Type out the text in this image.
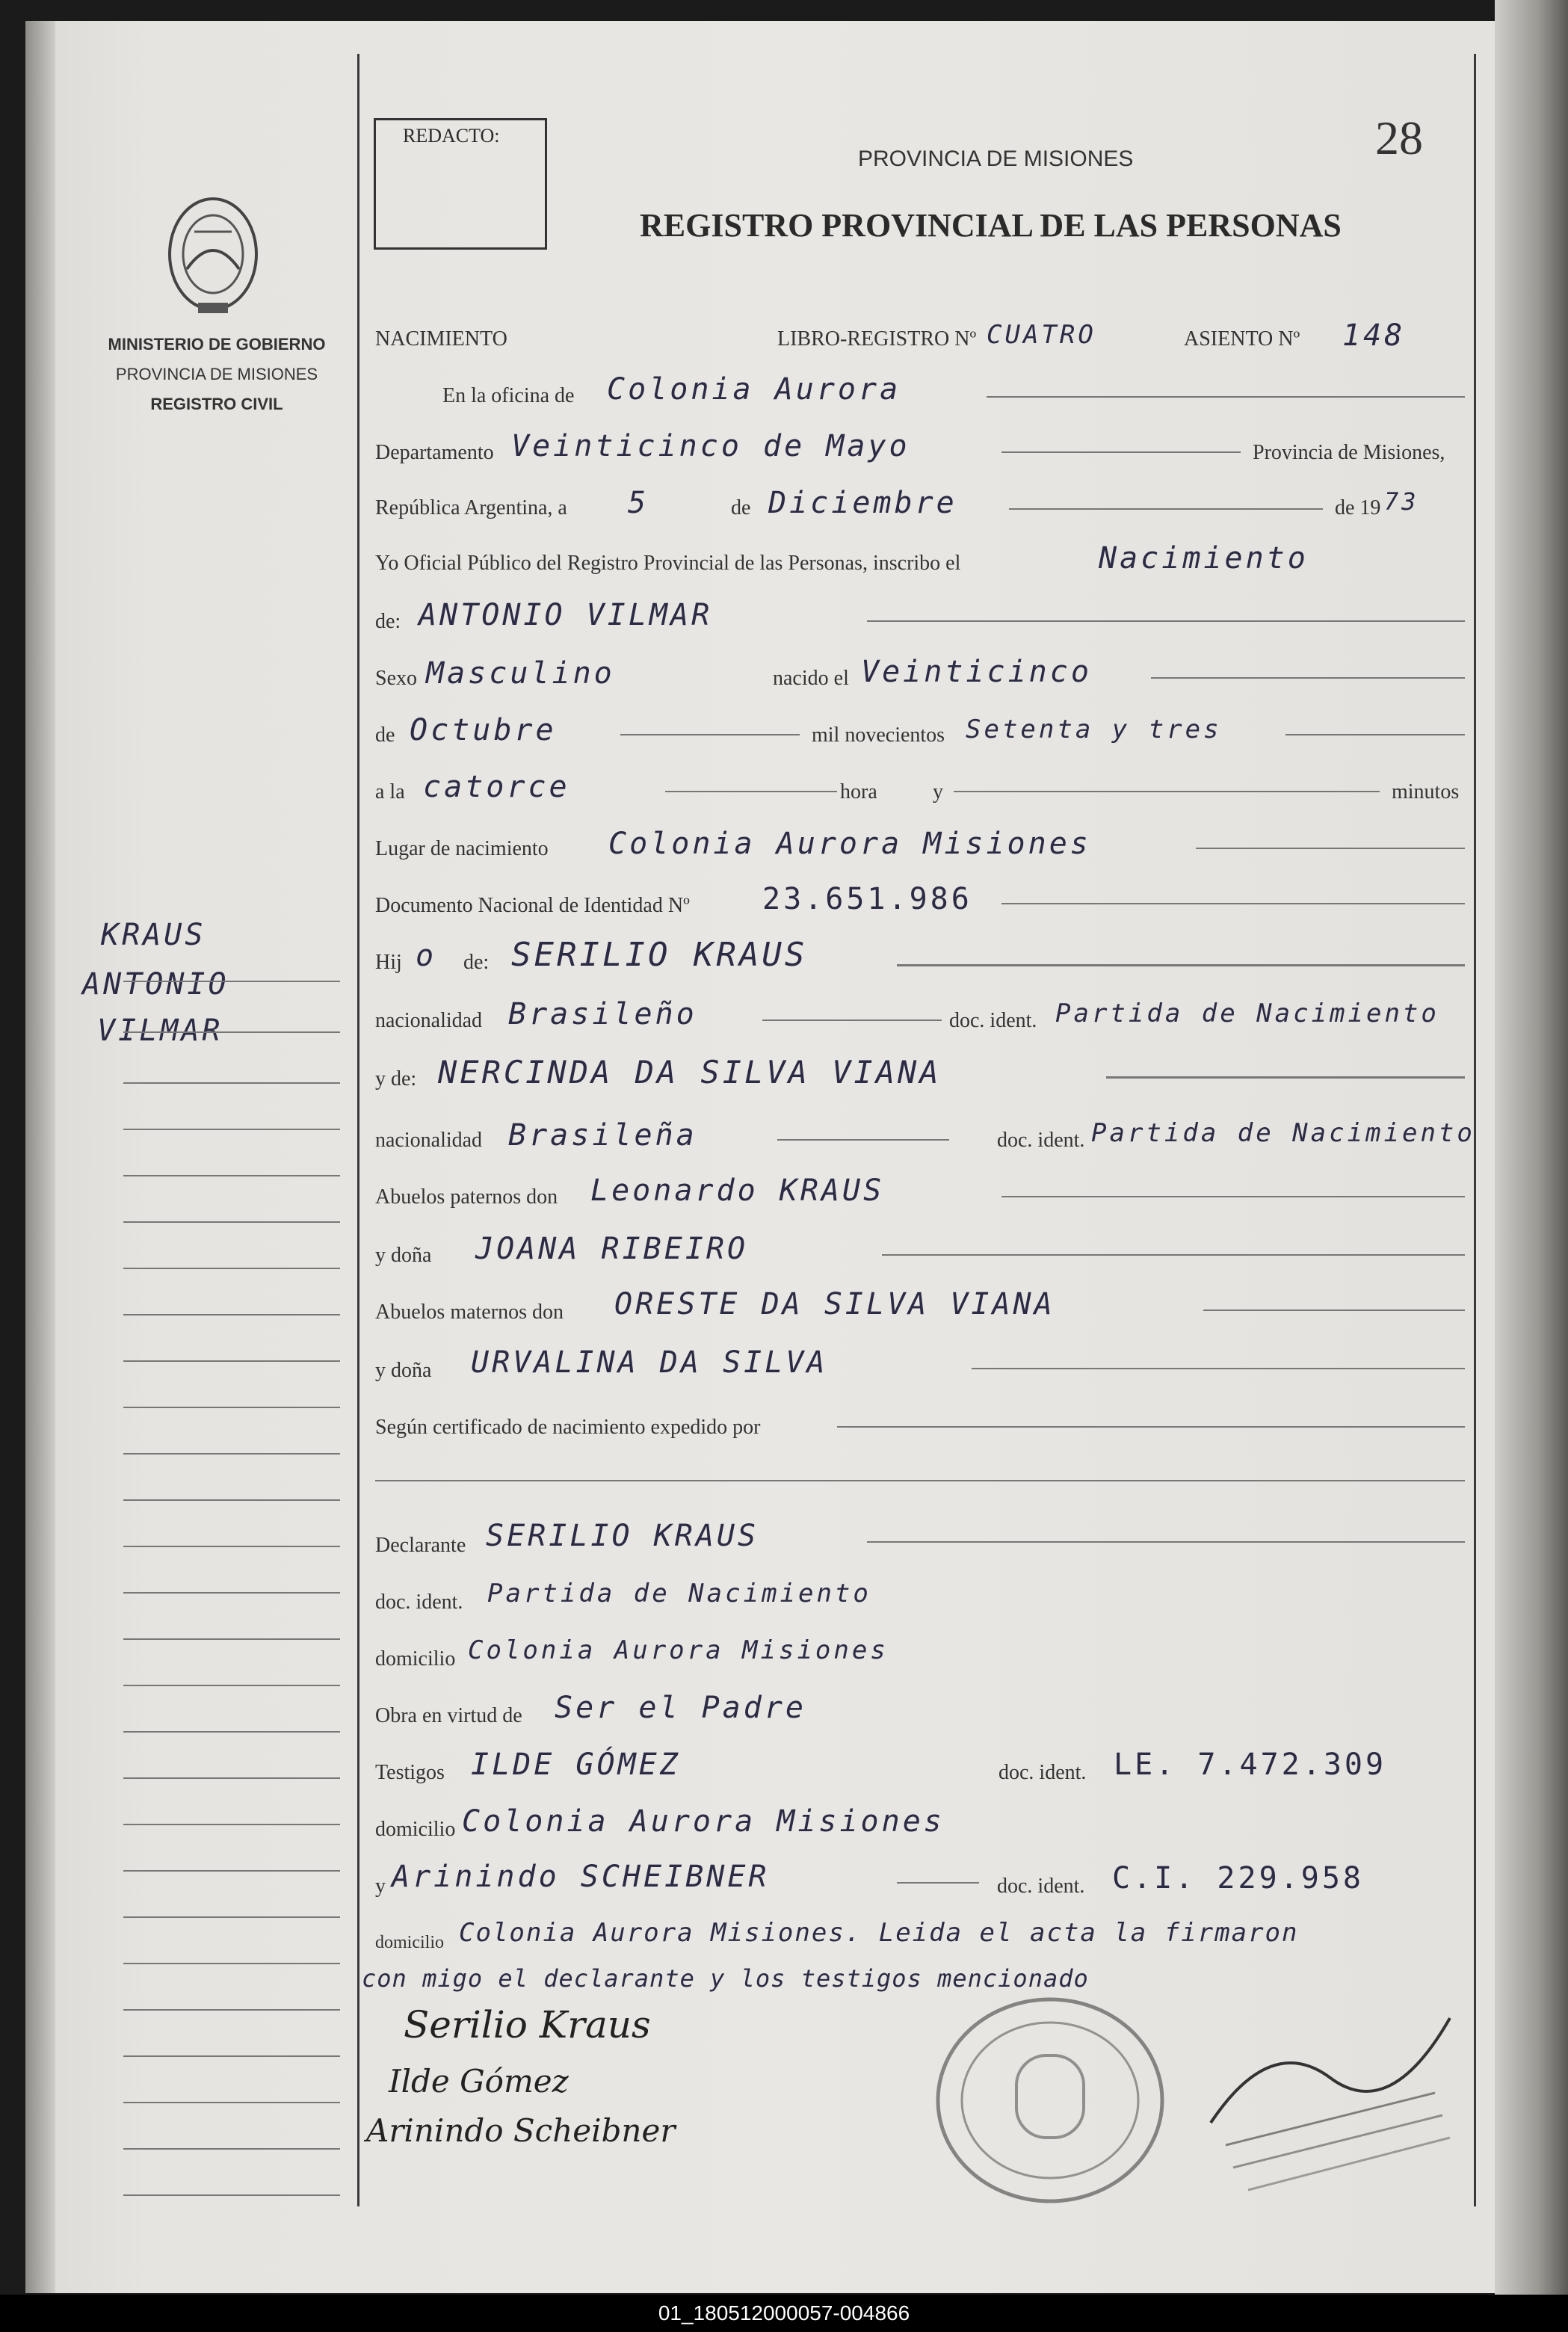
MINISTERIO DE GOBIERNO
PROVINCIA DE MISIONES
REGISTRO CIVIL
KRAUS
ANTONIO
VILMAR
REDACTO:	28
PROVINCIA DE MISIONES
REGISTRO PROVINCIAL DE LAS PERSONAS
NACIMIENTO	LIBRO-REGISTRO Nº CUATRO	ASIENTO Nº 148
En la oficina de Colonia Aurora
Departamento Veinticinco de Mayo	Provincia de Misiones,
República Argentina, a 5	de Diciembre	de 19 73
Yo Oficial Público del Registro Provincial de las Personas, inscribo el	Nacimiento
de: ANTONIO VILMAR
Sexo Masculino	nacido el Veinticinco
de Octubre	mil novecientos Setenta y tres
a la catorce	hora	y	minutos
Lugar de nacimiento Colonia Aurora Misiones
Documento Nacional de Identidad Nº 23.651.986
Hij o de: SERILIO KRAUS
nacionalidad Brasileño	doc. ident. Partida de Nacimiento
y de: NERCINDA DA SILVA VIANA
nacionalidad Brasileña	doc. ident. Partida de Nacimiento
Abuelos paternos don Leonardo KRAUS
y doña JOANA RIBEIRO
Abuelos maternos don ORESTE DA SILVA VIANA
y doña URVALINA DA SILVA
Según certificado de nacimiento expedido por
Declarante SERILIO KRAUS
doc. ident. Partida de Nacimiento
domicilio Colonia Aurora Misiones
Obra en virtud de Ser el Padre
Testigos ILDE GÓMEZ	doc. ident. LE. 7.472.309
domicilio Colonia Aurora Misiones
y Arinindo SCHEIBNER	doc. ident. C.I. 229.958
domicilio Colonia Aurora Misiones. Leida el acta la firmaron
con migo el declarante y los testigos mencionado
Serilio Kraus
Ilde Gómez
Arinindo Scheibner
01_180512000057-004866
